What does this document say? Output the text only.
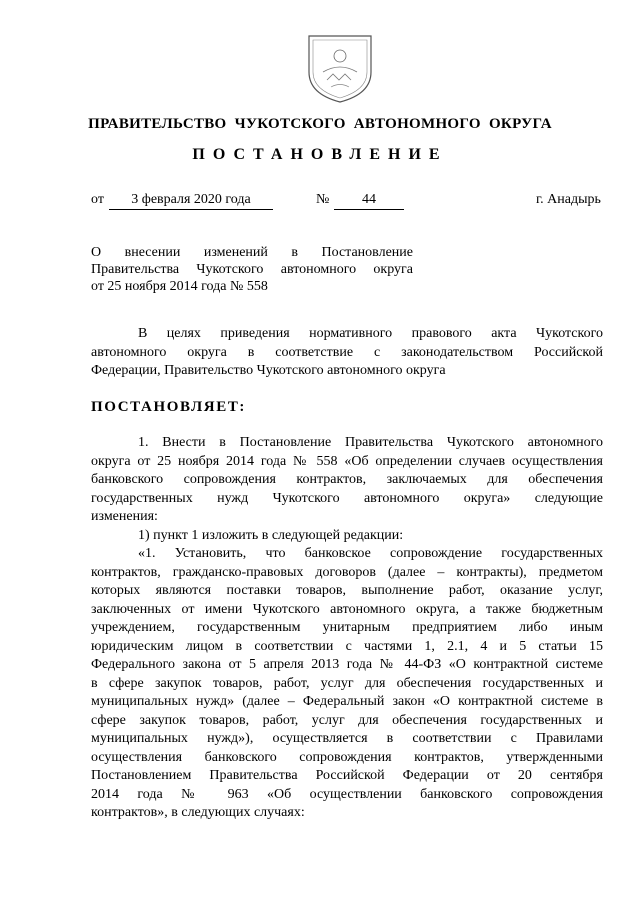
ПРАВИТЕЛЬСТВО  ЧУКОТСКОГО  АВТОНОМНОГО  ОКРУГА
ПОСТАНОВЛЕНИЕ
от	3 февраля 2020 года	№	44	г. Анадырь
О внесении изменений в Постановление
Правительства Чукотского автономного округа
от 25 ноября 2014 года № 558
В целях приведения нормативного правового акта Чукотского
автономного округа в соответствие с законодательством Российской
Федерации, Правительство Чукотского автономного округа
ПОСТАНОВЛЯЕТ:
1. Внести в Постановление Правительства Чукотского автономного
округа от 25 ноября 2014 года № 558 «Об определении случаев осуществления
банковского сопровождения контрактов, заключаемых для обеспечения
государственных нужд Чукотского автономного округа» следующие
изменения:
1) пункт 1 изложить в следующей редакции:
«1. Установить, что банковское сопровождение государственных
контрактов, гражданско-правовых договоров (далее – контракты), предметом
которых являются поставки товаров, выполнение работ, оказание услуг,
заключенных от имени Чукотского автономного округа, а также бюджетным
учреждением, государственным унитарным предприятием либо иным
юридическим лицом в соответствии с частями 1, 2.1, 4 и 5 статьи 15
Федерального закона от 5 апреля 2013 года № 44-ФЗ «О контрактной системе
в сфере закупок товаров, работ, услуг для обеспечения государственных и
муниципальных нужд» (далее – Федеральный закон «О контрактной системе в
сфере закупок товаров, работ, услуг для обеспечения государственных и
муниципальных нужд»), осуществляется в соответствии с Правилами
осуществления банковского сопровождения контрактов, утвержденными
Постановлением Правительства Российской Федерации от 20 сентября
2014 года № 963 «Об осуществлении банковского сопровождения
контрактов», в следующих случаях:
